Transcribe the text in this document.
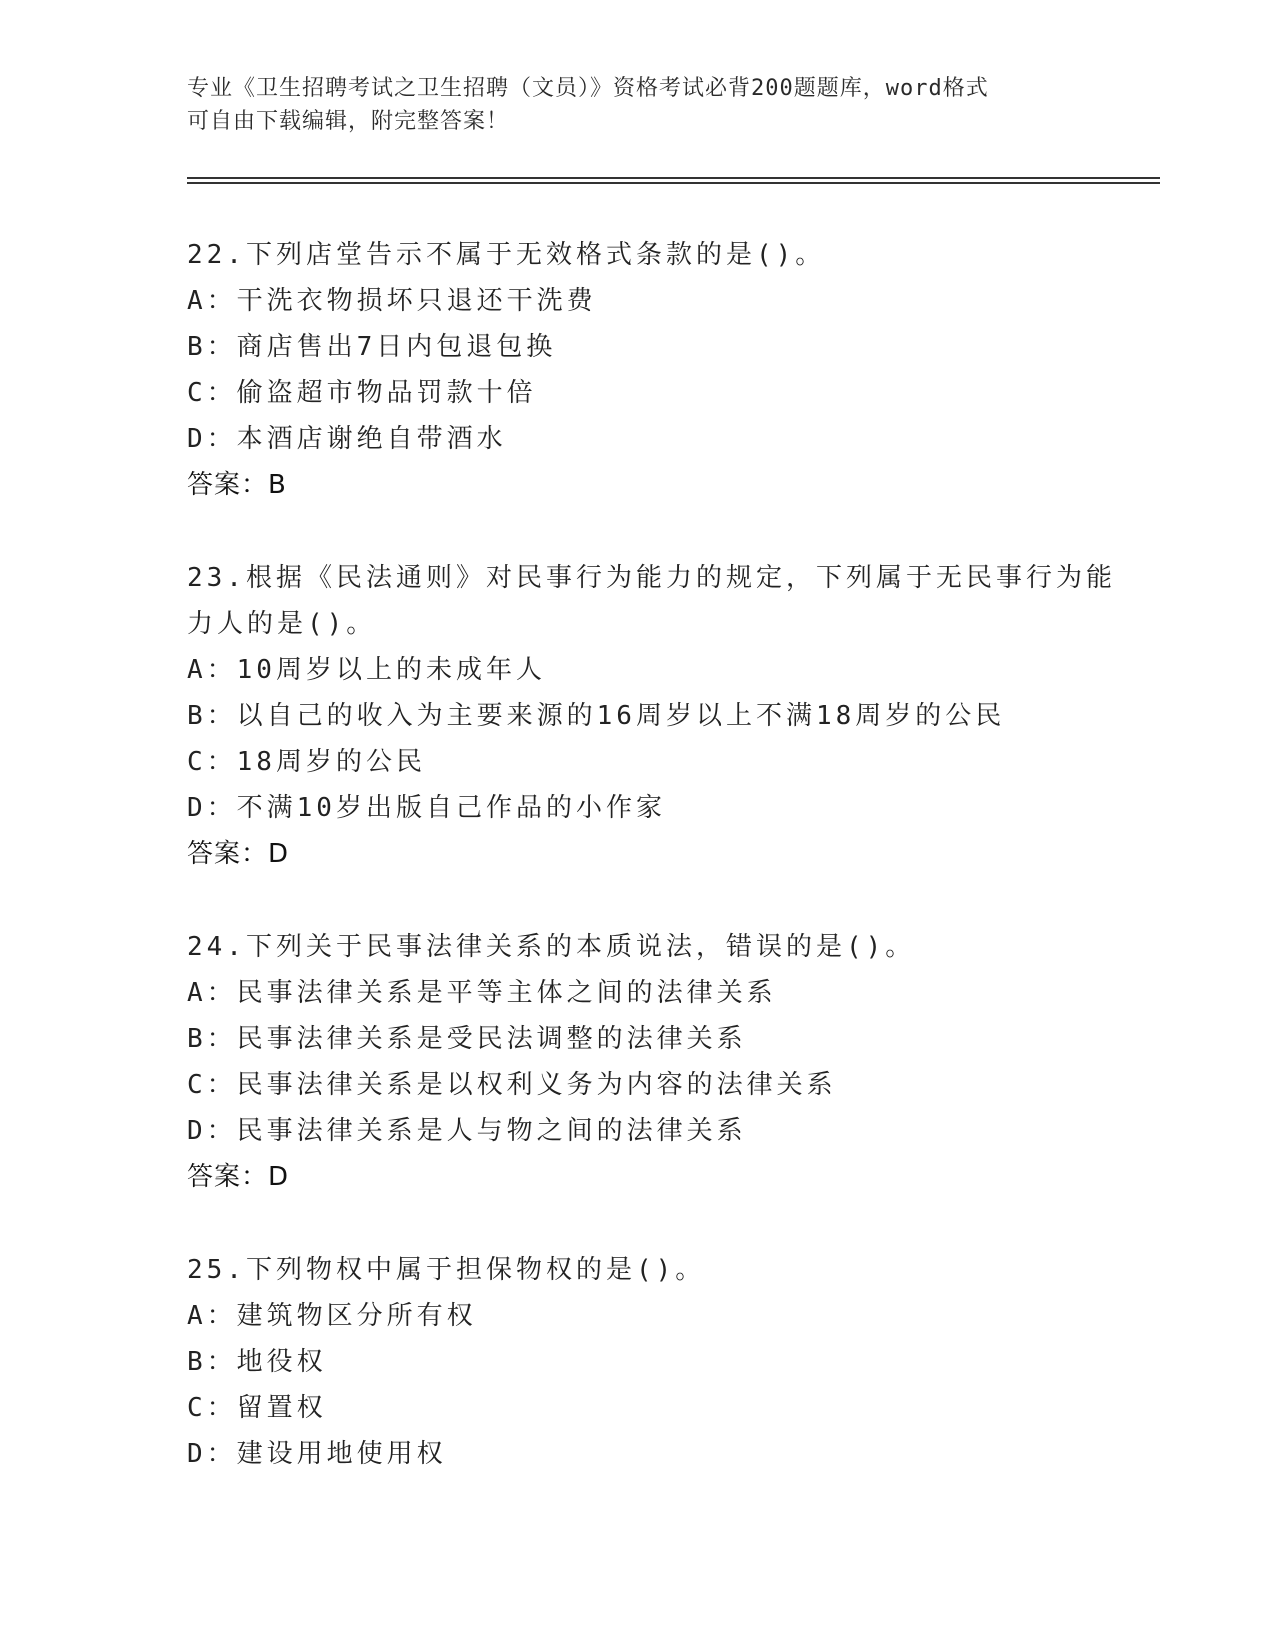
专业《卫生招聘考试之卫生招聘（文员）》资格考试必背200题题库，word格式
可自由下载编辑，附完整答案！
22.下列店堂告示不属于无效格式条款的是()。
A：干洗衣物损坏只退还干洗费
B：商店售出7日内包退包换
C：偷盗超市物品罚款十倍
D：本酒店谢绝自带酒水
答案：B
23.根据《民法通则》对民事行为能力的规定，下列属于无民事行为能
力人的是()。
A：10周岁以上的未成年人
B：以自己的收入为主要来源的16周岁以上不满18周岁的公民
C：18周岁的公民
D：不满10岁出版自己作品的小作家
答案：D
24.下列关于民事法律关系的本质说法，错误的是()。
A：民事法律关系是平等主体之间的法律关系
B：民事法律关系是受民法调整的法律关系
C：民事法律关系是以权利义务为内容的法律关系
D：民事法律关系是人与物之间的法律关系
答案：D
25.下列物权中属于担保物权的是()。
A：建筑物区分所有权
B：地役权
C：留置权
D：建设用地使用权
